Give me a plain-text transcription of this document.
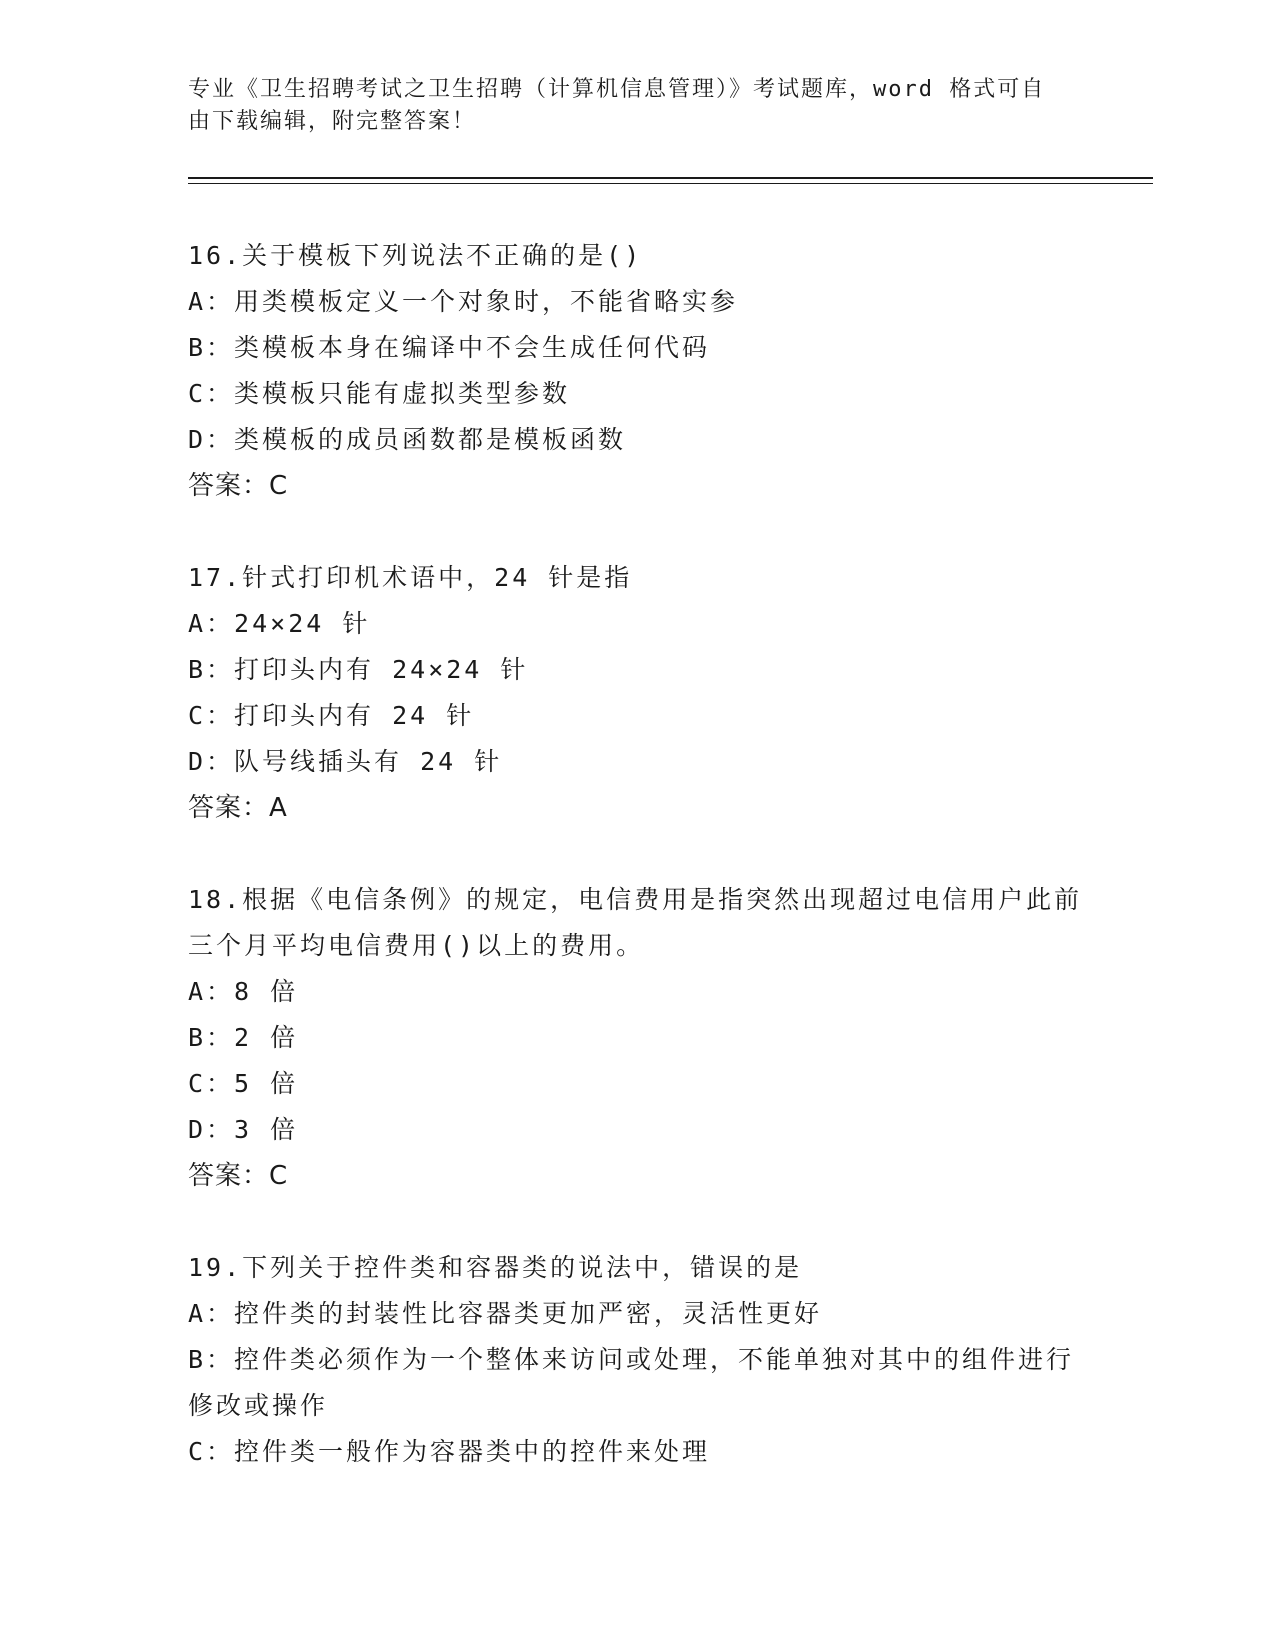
专业《卫生招聘考试之卫生招聘（计算机信息管理）》考试题库，word 格式可自由下载编辑，附完整答案！
16.关于模板下列说法不正确的是()
A：用类模板定义一个对象时，不能省略实参
B：类模板本身在编译中不会生成任何代码
C：类模板只能有虚拟类型参数
D：类模板的成员函数都是模板函数
答案：C
17.针式打印机术语中，24 针是指
A：24×24 针
B：打印头内有 24×24 针
C：打印头内有 24 针
D：队号线插头有 24 针
答案：A
18.根据《电信条例》的规定，电信费用是指突然出现超过电信用户此前三个月平均电信费用()以上的费用。
A：8 倍
B：2 倍
C：5 倍
D：3 倍
答案：C
19.下列关于控件类和容器类的说法中，错误的是
A：控件类的封装性比容器类更加严密，灵活性更好
B：控件类必须作为一个整体来访问或处理，不能单独对其中的组件进行修改或操作
C：控件类一般作为容器类中的控件来处理
